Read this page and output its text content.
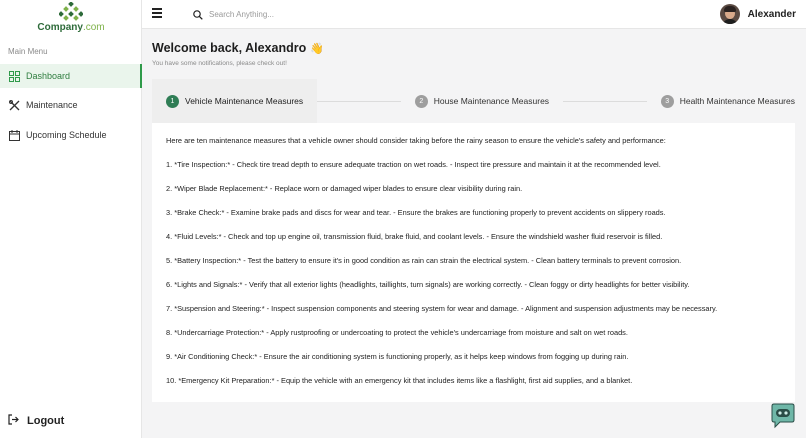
Company.com
Main Menu
Dashboard
Maintenance
Upcoming Schedule
Logout
Search Anything...
Alexander
Welcome back, Alexandro 👋
You have some notifications, please check out!
1	Vehicle Maintenance Measures	2	House Maintenance Measures	3	Health Maintenance Measures

Here are ten maintenance measures that a vehicle owner should consider taking before the rainy season to ensure the vehicle's safety and performance:

1. *Tire Inspection:* - Check tire tread depth to ensure adequate traction on wet roads. - Inspect tire pressure and maintain it at the recommended level.

2. *Wiper Blade Replacement:* - Replace worn or damaged wiper blades to ensure clear visibility during rain.

3. *Brake Check:* - Examine brake pads and discs for wear and tear. - Ensure the brakes are functioning properly to prevent accidents on slippery roads.

4. *Fluid Levels:* - Check and top up engine oil, transmission fluid, brake fluid, and coolant levels. - Ensure the windshield washer fluid reservoir is filled.

5. *Battery Inspection:* - Test the battery to ensure it's in good condition as rain can strain the electrical system. - Clean battery terminals to prevent corrosion.

6. *Lights and Signals:* - Verify that all exterior lights (headlights, taillights, turn signals) are working correctly. - Clean foggy or dirty headlights for better visibility.

7. *Suspension and Steering:* - Inspect suspension components and steering system for wear and damage. - Alignment and suspension adjustments may be necessary.

8. *Undercarriage Protection:* - Apply rustproofing or undercoating to protect the vehicle's undercarriage from moisture and salt on wet roads.

9. *Air Conditioning Check:* - Ensure the air conditioning system is functioning properly, as it helps keep windows from fogging up during rain.

10. *Emergency Kit Preparation:* - Equip the vehicle with an emergency kit that includes items like a flashlight, first aid supplies, and a blanket.
